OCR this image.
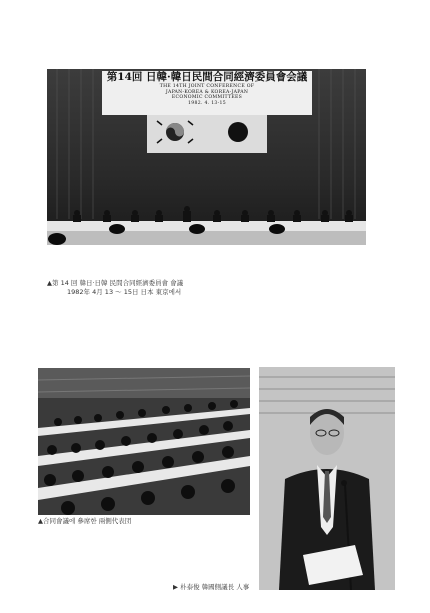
第14回 日韓·韓日民間合同經濟委員會会議
THE 14TH JOINT CONFERENCE OF
JAPAN-KOREA & KOREA-JAPAN
ECONOMIC COMMITTEES
1982. 4. 13-15
▲第 14 回 韓日·日韓 民間合同經濟委員會 會議
1982年 4月 13 ～ 15日 日本 東京에서
▲合同會議에 參席한 兩側代表団
▶ 朴泰俊 韓國側議長 人事
